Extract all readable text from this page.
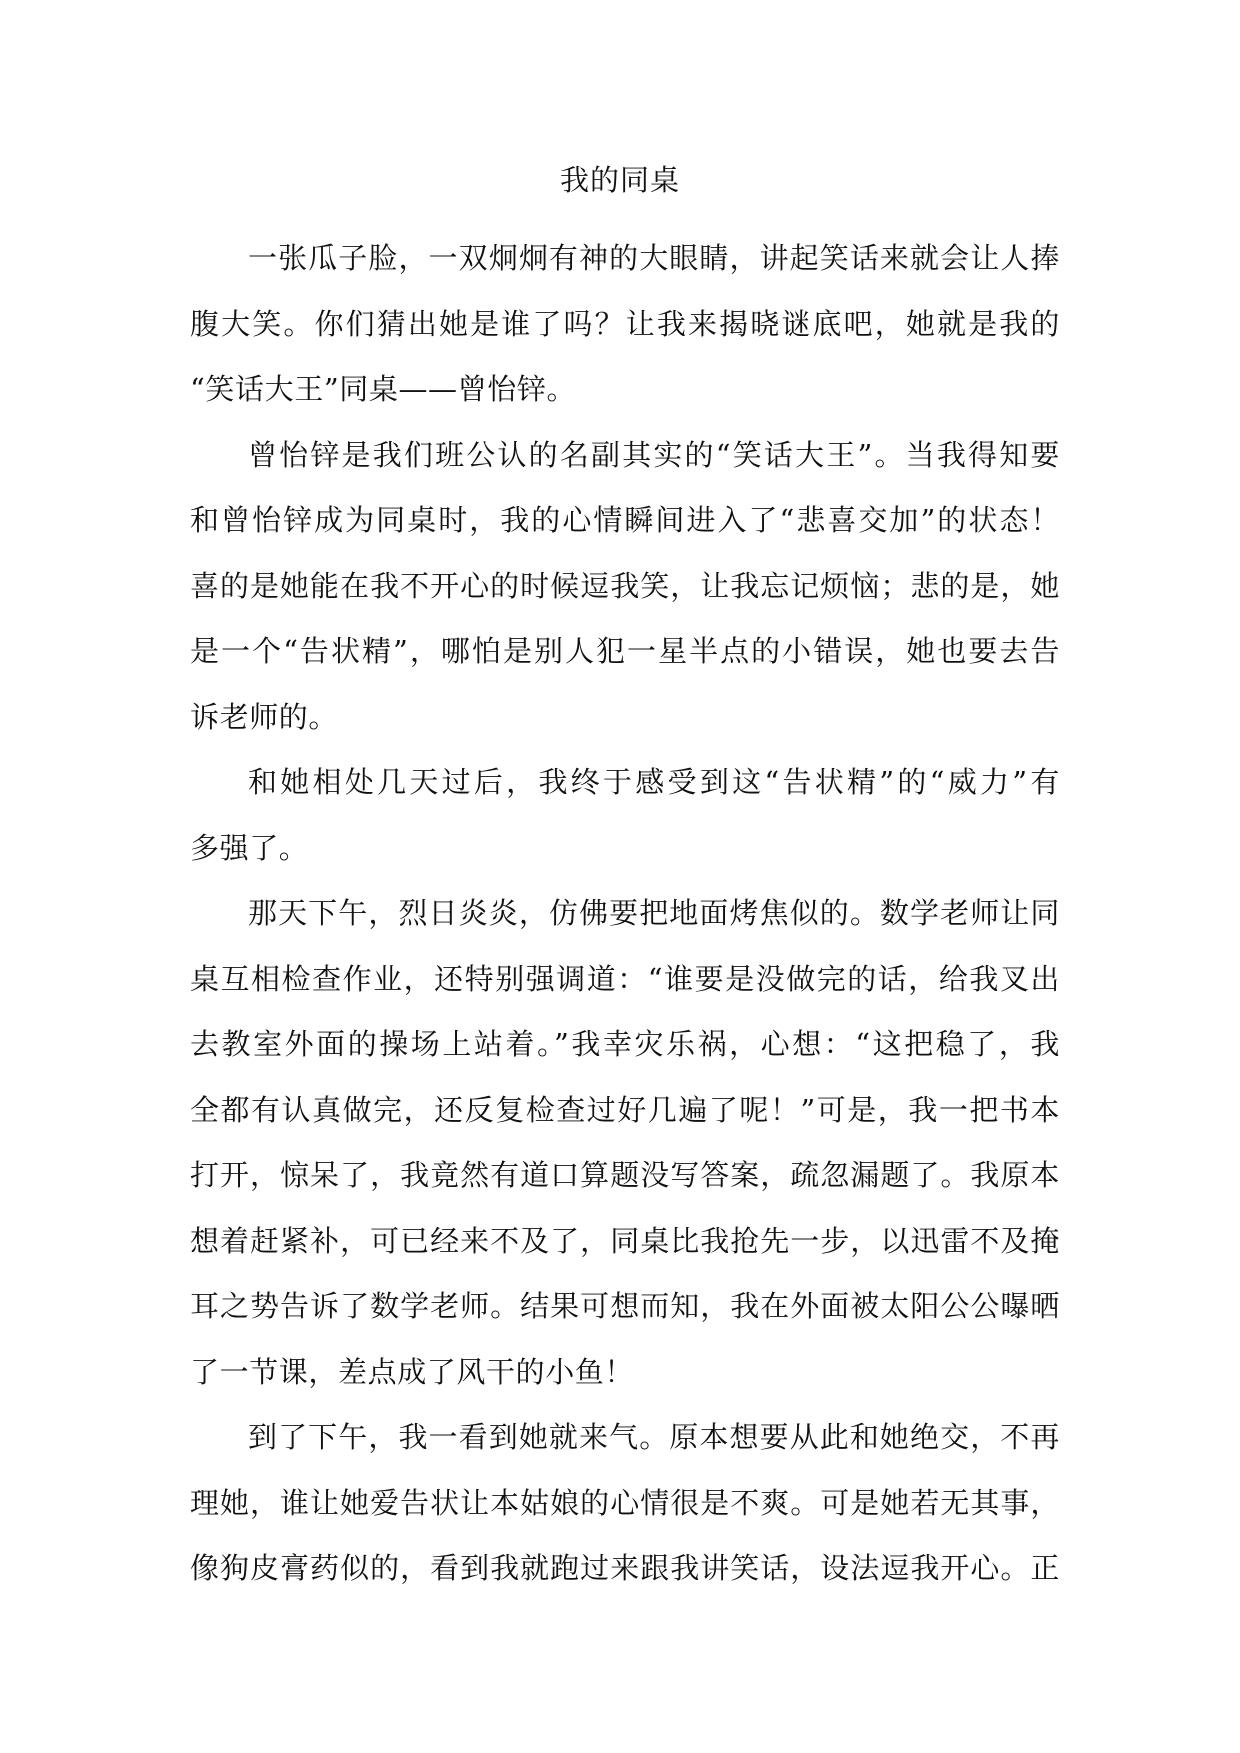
我的同桌
一张瓜子脸，一双炯炯有神的大眼睛，讲起笑话来就会让人捧
腹大笑。你们猜出她是谁了吗？让我来揭晓谜底吧，她就是我的
“笑话大王”同桌——曾怡锌。
曾怡锌是我们班公认的名副其实的“笑话大王”。当我得知要
和曾怡锌成为同桌时，我的心情瞬间进入了“悲喜交加”的状态！
喜的是她能在我不开心的时候逗我笑，让我忘记烦恼；悲的是，她
是一个“告状精”，哪怕是别人犯一星半点的小错误，她也要去告
诉老师的。
和她相处几天过后，我终于感受到这“告状精”的“威力”有
多强了。
那天下午，烈日炎炎，仿佛要把地面烤焦似的。数学老师让同
桌互相检查作业，还特别强调道：“谁要是没做完的话，给我叉出
去教室外面的操场上站着。”我幸灾乐祸，心想：“这把稳了，我
全都有认真做完，还反复检查过好几遍了呢！”可是，我一把书本
打开，惊呆了，我竟然有道口算题没写答案，疏忽漏题了。我原本
想着赶紧补，可已经来不及了，同桌比我抢先一步，以迅雷不及掩
耳之势告诉了数学老师。结果可想而知，我在外面被太阳公公曝晒
了一节课，差点成了风干的小鱼！
到了下午，我一看到她就来气。原本想要从此和她绝交，不再
理她，谁让她爱告状让本姑娘的心情很是不爽。可是她若无其事，
像狗皮膏药似的，看到我就跑过来跟我讲笑话，设法逗我开心。正
